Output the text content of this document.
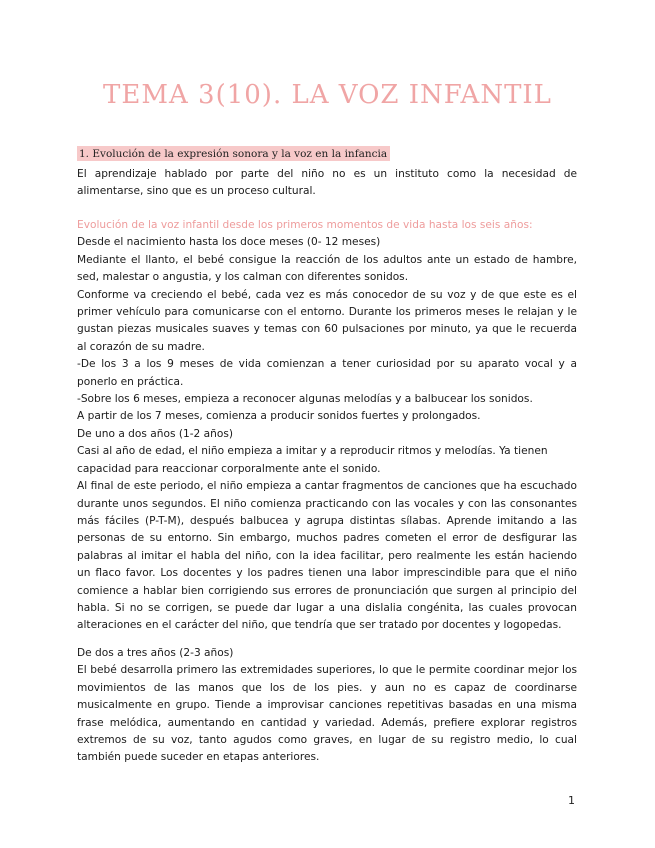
TEMA 3(10). LA VOZ INFANTIL
1. Evolución de la expresión sonora y la voz en la infancia

El aprendizaje hablado por parte del niño no es un instituto como la necesidad de alimentarse, sino que es un proceso cultural.

Evolución de la voz infantil desde los primeros momentos de vida hasta los seis años:

Desde el nacimiento hasta los doce meses (0- 12 meses)

Mediante el llanto, el bebé consigue la reacción de los adultos ante un estado de hambre, sed, malestar o angustia, y los calman con diferentes sonidos.

Conforme va creciendo el bebé, cada vez es más conocedor de su voz y de que este es el primer vehículo para comunicarse con el entorno. Durante los primeros meses le relajan y le gustan piezas musicales suaves y temas con 60 pulsaciones por minuto, ya que le recuerda al corazón de su madre.

-De los 3 a los 9 meses de vida comienzan a tener curiosidad por su aparato vocal y a ponerlo en práctica.

-Sobre los 6 meses, empieza a reconocer algunas melodías y a balbucear los sonidos.

A partir de los 7 meses, comienza a producir sonidos fuertes y prolongados.

De uno a dos años (1-2 años)

Casi al año de edad, el niño empieza a imitar y a reproducir ritmos y melodías. Ya tienen

capacidad para reaccionar corporalmente ante el sonido.

Al final de este periodo, el niño empieza a cantar fragmentos de canciones que ha escuchado durante unos segundos. El niño comienza practicando con las vocales y con las consonantes más fáciles (P-T-M), después balbucea y agrupa distintas sílabas. Aprende imitando a las personas de su entorno. Sin embargo, muchos padres cometen el error de desfigurar las palabras al imitar el habla del niño, con la idea facilitar, pero realmente les están haciendo un flaco favor. Los docentes y los padres tienen una labor imprescindible para que el niño comience a hablar bien corrigiendo sus errores de pronunciación que surgen al principio del habla. Si no se corrigen, se puede dar lugar a una dislalia congénita, las cuales provocan alteraciones en el carácter del niño, que tendría que ser tratado por docentes y logopedas.

De dos a tres años (2-3 años)

El bebé desarrolla primero las extremidades superiores, lo que le permite coordinar mejor los movimientos de las manos que los de los pies. y aun no es capaz de coordinarse musicalmente en grupo. Tiende a improvisar canciones repetitivas basadas en una misma frase melódica, aumentando en cantidad y variedad. Además, prefiere explorar registros extremos de su voz, tanto agudos como graves, en lugar de su registro medio, lo cual también puede suceder en etapas anteriores.

1
